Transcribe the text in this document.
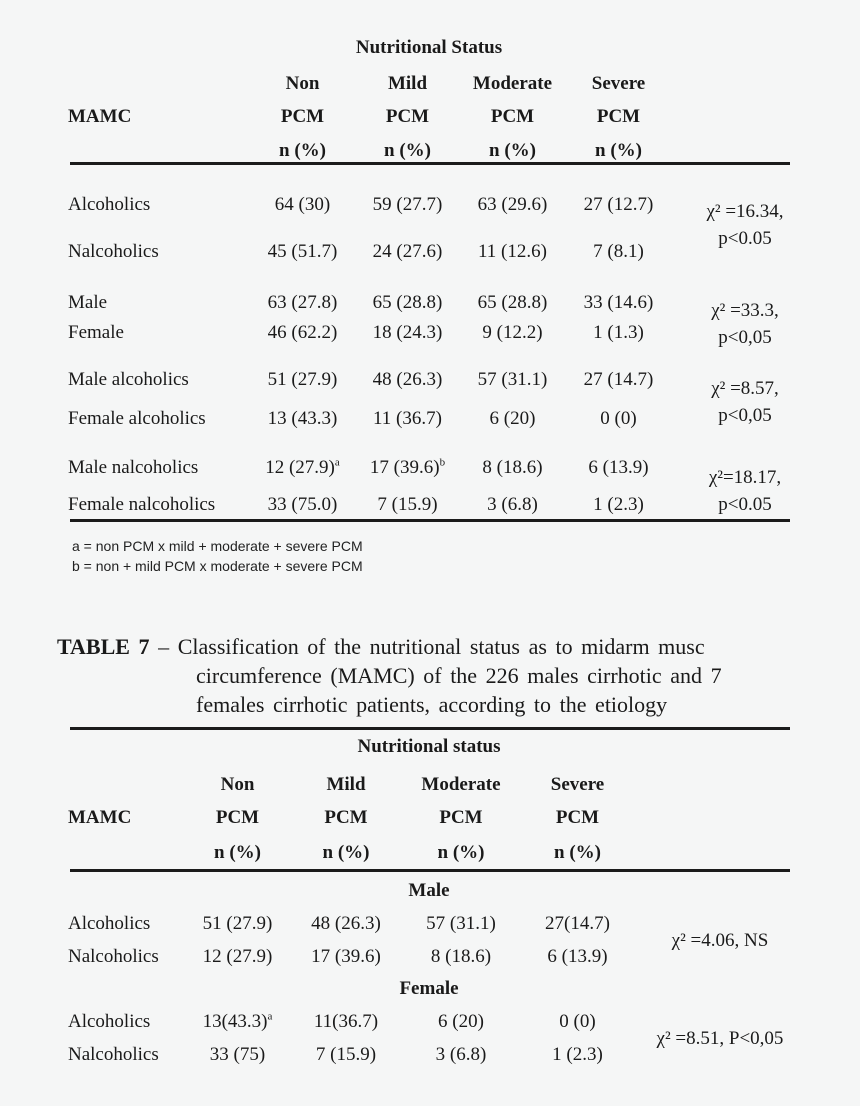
Nutritional Status
Non	Mild	Moderate	Severe
MAMC	PCM	PCM	PCM	PCM
n (%)	n (%)	n (%)	n (%)
Alcoholics	64 (30)	59 (27.7)	63 (29.6)	27 (12.7)
Nalcoholics	45 (51.7)	24 (27.6)	11 (12.6)	7 (8.1)
χ² =16.34,
p<0.05
Male	63 (27.8)	65 (28.8)	65 (28.8)	33 (14.6)
Female	46 (62.2)	18 (24.3)	9 (12.2)	1 (1.3)
χ² =33.3,
p<0,05
Male alcoholics	51 (27.9)	48 (26.3)	57 (31.1)	27 (14.7)
Female alcoholics	13 (43.3)	11 (36.7)	6 (20)	0 (0)
χ² =8.57,
p<0,05
Male nalcoholics	12 $(27.9)^a$	17 $(39.6)^b$	8 (18.6)	6 (13.9)
Female nalcoholics	33 (75.0)	7 (15.9)	3 (6.8)	1 (2.3)
χ²=18.17,
p<0.05
a = non PCM x mild + moderate + severe PCM
b = non + mild PCM x moderate + severe PCM
TABLE 7 – Classification of the nutritional status as to midarm musc
circumference (MAMC) of the 226 males cirrhotic and 7
females cirrhotic patients, according to the etiology
Nutritional status
Non	Mild	Moderate	Severe
MAMC	PCM	PCM	PCM	PCM
n (%)	n (%)	n (%)	n (%)
Male
Alcoholics	51 (27.9)	48 (26.3)	57 (31.1)	27(14.7)
Nalcoholics	12 (27.9)	17 (39.6)	8 (18.6)	6 (13.9)
χ² =4.06, NS
Female
Alcoholics	$13(43.3)^a$	11(36.7)	6 (20)	0 (0)
Nalcoholics	33 (75)	7 (15.9)	3 (6.8)	1 (2.3)
χ² =8.51, P<0,05
